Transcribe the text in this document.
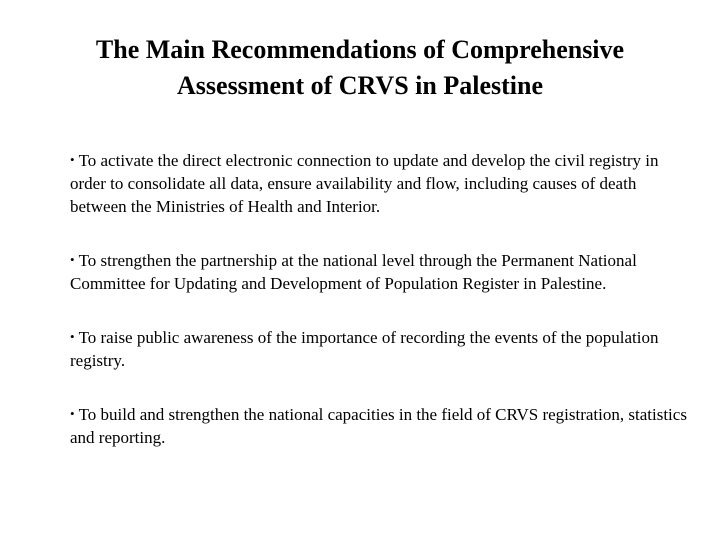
The Main Recommendations of Comprehensive
Assessment of CRVS in Palestine
• To activate the direct electronic connection to update and develop the civil registry in order to consolidate all data, ensure availability and flow, including causes of death between the Ministries of Health and Interior.
• To strengthen the partnership at the national level through the Permanent National Committee for Updating and Development of Population Register in Palestine.
• To raise public awareness of the importance of recording the events of the population registry.
• To build and strengthen the national capacities in the field of CRVS registration, statistics and reporting.
